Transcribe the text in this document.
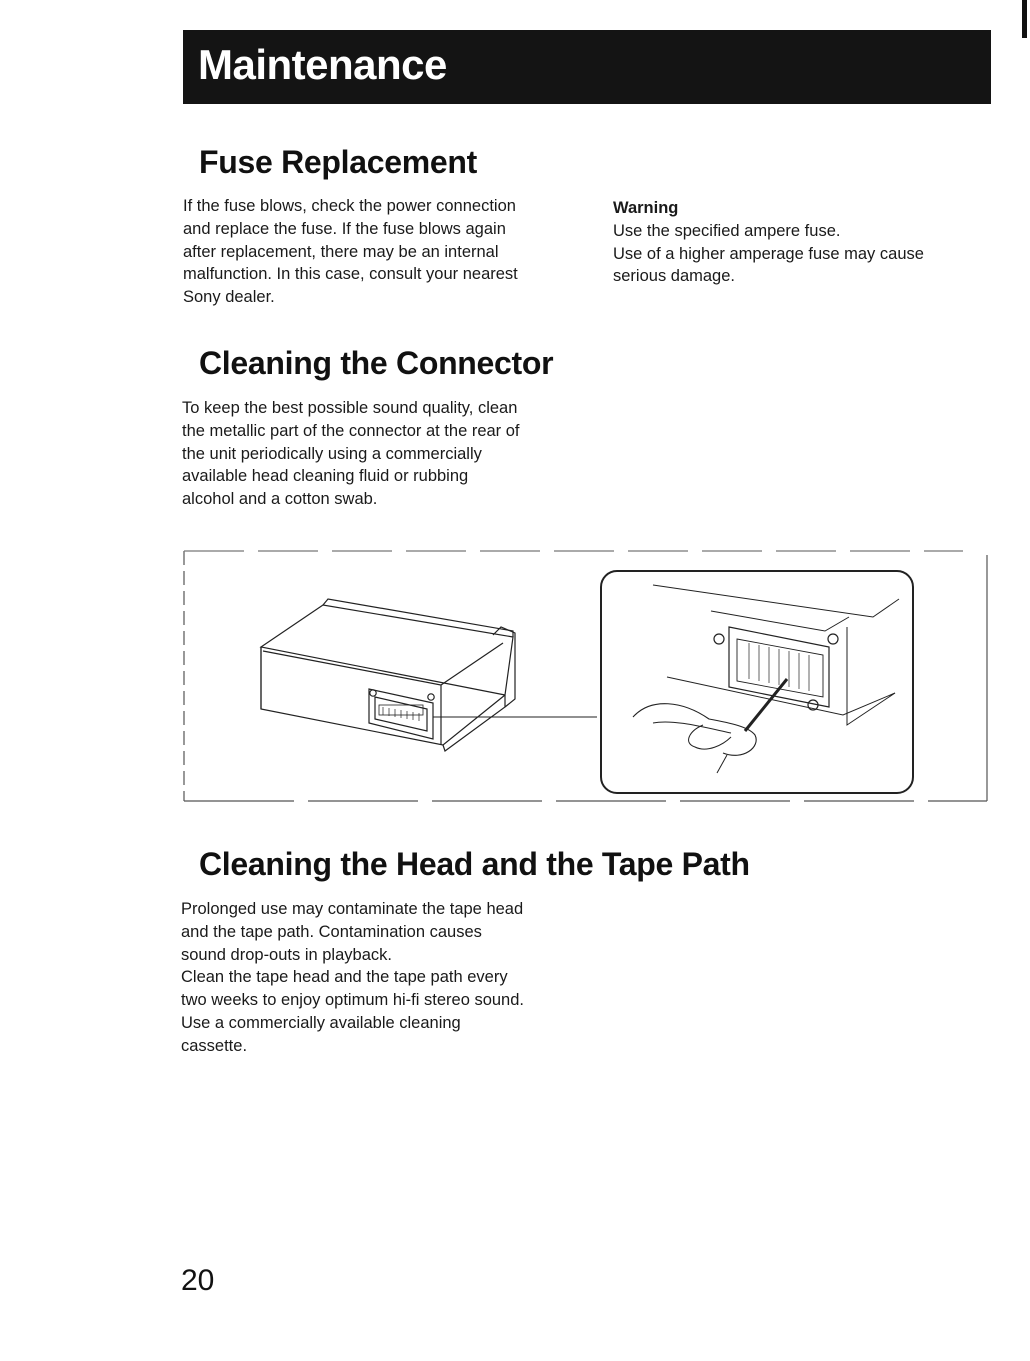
Maintenance
Fuse Replacement
If the fuse blows, check the power connection
and replace the fuse. If the fuse blows again
after replacement, there may be an internal
malfunction. In this case, consult your nearest
Sony dealer.
Warning
Use the specified ampere fuse.
Use of a higher amperage fuse may cause
serious damage.
Cleaning the Connector
To keep the best possible sound quality, clean
the metallic part of the connector at the rear of
the unit periodically using a commercially
available head cleaning fluid or rubbing
alcohol and a cotton swab.
Cleaning the Head and the Tape Path
Prolonged use may contaminate the tape head
and the tape path. Contamination causes
sound drop-outs in playback.
Clean the tape head and the tape path every
two weeks to enjoy optimum hi-fi stereo sound.
Use a commercially available cleaning
cassette.
20
